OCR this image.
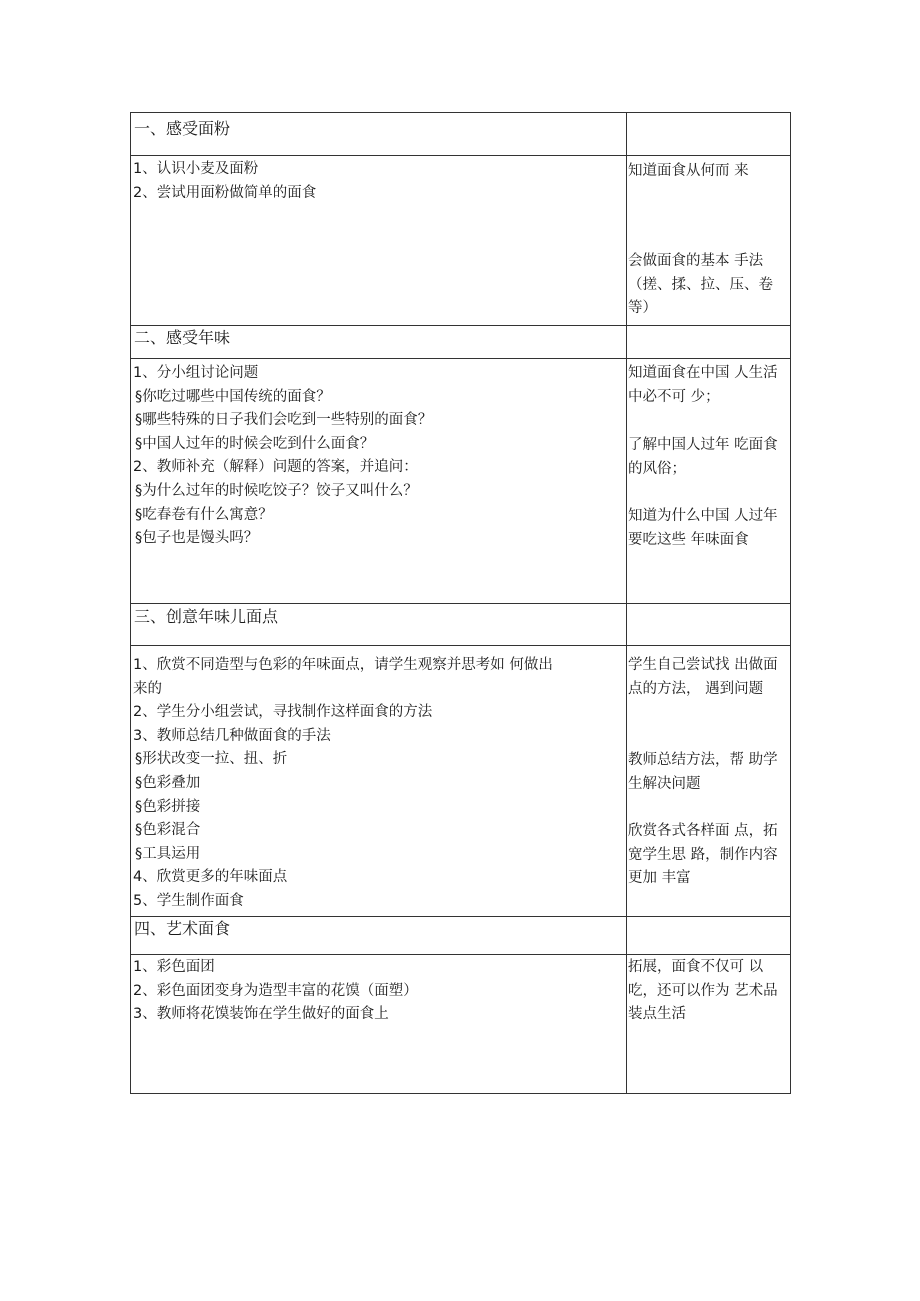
一、感受面粉
1、认识小麦及面粉
2、尝试用面粉做简单的面食
知道面食从何而 来
会做面食的基本 手法 （搓、揉、拉、压、卷等）
二、感受年味
1、分小组讨论问题
§你吃过哪些中国传统的面食？
§哪些特殊的日子我们会吃到一些特别的面食？
§中国人过年的时候会吃到什么面食？
2、教师补充（解释）问题的答案，并追问：
§为什么过年的时候吃饺子？饺子又叫什么？
§吃春卷有什么寓意？
§包子也是馒头吗？
知道面食在中国 人生活中必不可 少；
了解中国人过年 吃面食的风俗；
知道为什么中国 人过年要吃这些 年味面食
三、创意年味儿面点
1、欣赏不同造型与色彩的年味面点，请学生观察并思考如 何做出
来的
2、学生分小组尝试，寻找制作这样面食的方法
3、教师总结几种做面食的手法
§形状改变一拉、扭、折
§色彩叠加
§色彩拼接
§色彩混合
§工具运用
4、欣赏更多的年味面点
5、学生制作面食
学生自己尝试找 出做面点的方法， 遇到问题
教师总结方法，帮 助学生解决问题
欣赏各式各样面 点，拓宽学生思 路，制作内容更加 丰富
四、艺术面食
1、彩色面团
2、彩色面团变身为造型丰富的花馍（面塑）
3、教师将花馍装饰在学生做好的面食上
拓展，面食不仅可 以吃，还可以作为 艺术品装点生活
